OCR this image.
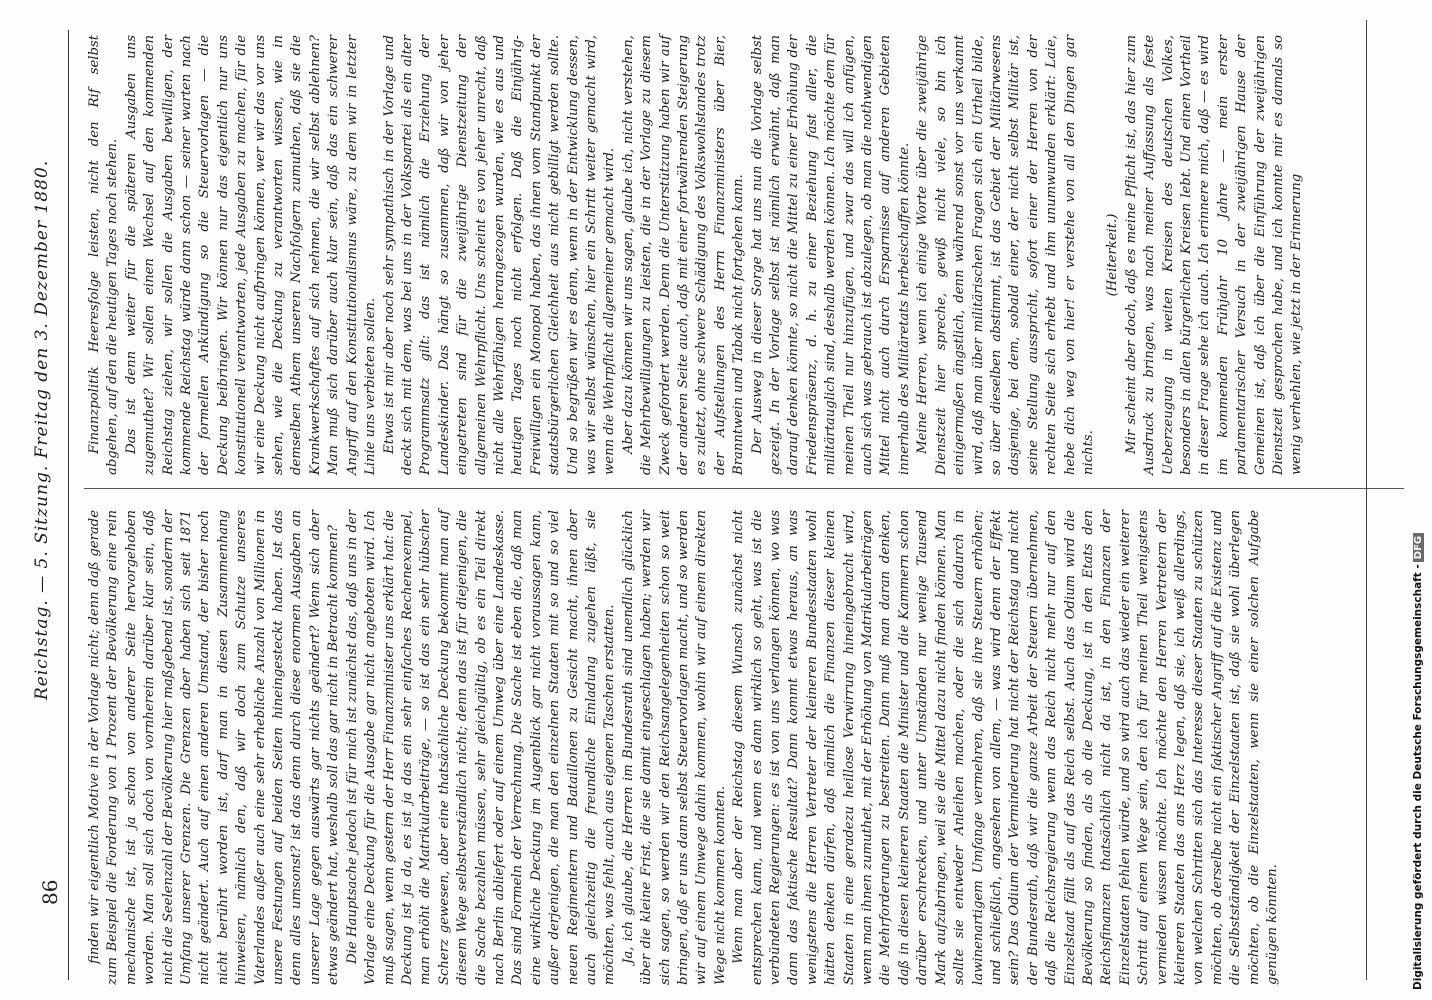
86
Reichstag. — 5. Sitzung. Freitag den 3. Dezember 1880.

finden wir eigentlich Motive in der Vorlage nicht; denn daß gerade zum Beispiel die Forderung von 1 Prozent der Bevölkerung eine rein mechanische ist, ist ja schon von anderer Seite hervorgehoben worden. Man soll sich doch von vornherein darüber klar sein, daß nicht die Seelenzahl der Bevölkerung hier maßgebend ist, sondern der Umfang unserer Grenzen. Die Grenzen aber haben sich seit 1871 nicht geändert. Auch auf einen anderen Umstand, der bisher noch nicht berührt worden ist, darf man in diesen Zusammenhang hinweisen, nämlich den, daß wir doch zum Schutze unseres Vaterlandes außer auch eine sehr erhebliche Anzahl von Millionen in unsere Festungen auf beiden Seiten hineingesteckt haben. Ist das denn alles umsonst? ist das denn durch diese enormen Ausgaben an unserer Lage gegen auswärts gar nichts geändert? Wenn sich aber etwas geändert hat, weshalb soll das gar nicht in Betracht kommen? Die Hauptsache jedoch ist für mich ist zunächst das, daß uns in der Vorlage eine Deckung für die Ausgabe gar nicht angeboten wird. Ich muß sagen, wenn gestern der Herr Finanzminister uns erklärt hat: die Deckung ist ja da, es ist ja das ein sehr einfaches Rechenexempel, man erhöht die Matrikularbeiträge, — so ist das ein sehr hübscher Scherz gewesen, aber eine thatsächliche Deckung bekommt man auf diesem Wege selbstverständlich nicht; denn das ist für diejenigen, die die Sache bezahlen müssen, sehr gleichgültig, ob es ein Teil direkt nach Berlin abliefert oder auf einem Umweg über eine Landeskasse. Das sind Formeln der Verrechnung. Die Sache ist eben die, daß man eine wirkliche Deckung im Augenblick gar nicht voraussagen kann, außer derjenigen, die man den einzelnen Staaten mit so und so viel neuen Regimentern und Bataillonen zu Gesicht macht, ihnen aber auch gleichzeitig die freundliche Einladung zugehen läßt, sie möchten, was fehlt, auch aus eigenen Taschen erstatten. Ja, ich glaube, die Herren im Bundesrath sind unendlich glücklich über die kleine Frist, die sie damit eingeschlagen haben; werden wir sich sagen, so werden wir den Reichsangelegenheiten schon so weit bringen, daß er uns dann selbst Steuervorlagen macht, und so werden wir auf einem Umwege dahin kommen, wohin wir auf einem direkten Wege nicht kommen konnten. Wenn man aber der Reichstag diesem Wunsch zunächst nicht entsprechen kann, und wenn es dann wirklich so geht, was ist die verbündeten Regierungen: es ist von uns verlangen können, wo was dann das faktische Resultat? Dann kommt etwas heraus, an was wenigstens die Herren Vertreter der kleineren Bundesstaaten wohl hätten denken dürfen, daß nämlich die Finanzen dieser kleinen Staaten in eine geradezu heillose Verwirrung hineingebracht wird, wenn man ihnen zumuthet, mit der Erhöhung von Matrikularbeiträgen die Mehrforderungen zu bestreiten. Dann muß man daran denken, daß in diesen kleineren Staaten die Minister und die Kammern schon darüber erschrecken, und unter Umständen nur wenige Tausend Mark aufzubringen, weil sie die Mittel dazu nicht finden können. Man sollte sie entweder Anleihen machen, oder die sich dadurch in lawinenartigem Umfange vermehren, daß sie ihre Steuern erhöhen; und schließlich, angesehen von allem, — was wird denn der Effekt sein? Das Odium der Verminderung hat nicht der Reichstag und nicht der Bundesrath, daß wir die ganze Arbeit der Steuern übernehmen, daß die Reichsregierung wenn das Reich nicht mehr nur auf den Einzelstaat fällt als auf das Reich selbst. Auch das Odium wird die Bevölkerung so finden, als ob die Deckung, ist in den Etats den Reichsfinanzen thatsächlich nicht da ist, in den Finanzen der Einzelstaaten fehlen würde, und so wird auch das wieder ein weiterer Schritt auf einem Wege sein, den ich für meinen Theil wenigstens vermieden wissen möchte. Ich möchte den Herren Vertretern der kleineren Staaten das ans Herz legen, daß sie, ich weiß allerdings, von welchen Schritten sich das Interesse dieser Staaten zu schützen möchten, ob derselbe nicht ein faktischer Angriff auf die Existenz und die Selbstständigkeit der Einzelstaaten ist, daß sie wohl überlegen möchten, ob die Einzelstaaten, wenn sie einer solchen Aufgabe genügen könnten.

Finanzpolitik Heeresfolge leisten, nicht den Rif selbst abgehen, auf den die heutigen Tages noch stehen. Das ist denn weiter für die späteren Ausgaben uns zugemuthet? Wir sollen einen Wechsel auf den kommenden Reichstag ziehen, wir sollen die Ausgaben bewilligen, der kommende Reichstag würde dann schon — seiner warten nach der formellen Ankündigung so die Steuervorlagen — die Deckung beibringen. Wir können nur das eigentlich nur uns konstitutionell verantworten, jede Ausgaben zu machen, für die wir eine Deckung nicht aufbringen können, wer wir das vor uns sehen, wie die Deckung zu verantworten wissen, wie in demselben Athem unseren Nachfolgern zumuthen, daß sie die Krankwerkschaftes auf sich nehmen, die wir selbst ablehnen? Man muß sich darüber auch klar sein, daß das ein schwerer Angriff auf den Konstitutionalismus wäre, zu dem wir in letzter Linie uns verbieten sollen. Etwas ist mir aber noch sehr sympathisch in der Vorlage und deckt sich mit dem, was bei uns in der Volkspartei als ein alter Programmsatz gilt: das ist nämlich die Erziehung der Landeskinder. Das hängt so zusammen, daß wir von jeher eingetreten sind für die zweijährige Dienstzeitung der allgemeinen Wehrpflicht. Uns scheint es von jeher unrecht, daß nicht alle Wehrfähigen herangezogen wurden, wie es aus und heutigen Tages noch nicht erfolgen. Daß die Einjährig-Freiwilligen ein Monopol haben, das ihnen vom Standpunkt der staatsbürgerlichen Gleichheit aus nicht gebilligt werden sollte. Und so begrüßen wir es denn, wenn in der Entwicklung dessen, was wir selbst wünschen, hier ein Schritt weiter gemacht wird, wenn die Wehrpflicht allgemeiner gemacht wird. Aber dazu können wir uns sagen, glaube ich, nicht verstehen, die Mehrbewilligungen zu leisten, die in der Vorlage zu diesem Zweck gefordert werden. Denn die Unterstützung haben wir auf der anderen Seite auch, daß mit einer fortwährenden Steigerung es zuletzt, ohne schwere Schädigung des Volkswohlstandes trotz der Aufstellungen des Herrn Finanzministers über Bier, Branntwein und Tabak nicht fortgehen kann. Der Ausweg in dieser Sorge hat uns nun die Vorlage selbst gezeigt. In der Vorlage selbst ist nämlich erwähnt, daß man darauf denken könnte, so nicht die Mittel zu einer Erhöhung der Friedenspräsenz, d. h. zu einer Beziehung fast aller, die militärtauglich sind, deshalb werden können. Ich möchte dem für meinen Theil nur hinzufügen, und zwar das will ich anfügen, auch sich was gebrauch ist abzulegen, ob man die nothwendigen Mittel nicht auch durch Ersparnisse auf anderen Gebieten innerhalb des Militäretats herbeischaffen könnte. Meine Herren, wenn ich einige Worte über die zweijährige Dienstzeit hier spreche, gewiß nicht viele, so bin ich einigermaßen ängstlich, denn während sonst vor uns verkannt wird, daß man über militärischen Fragen sich ein Urtheil bilde, so über dieselben abstimmt, ist das Gebiet der Militärwesens dasjenige, bei dem, sobald einer, der nicht selbst Militär ist, seine Stellung ausspricht, sofort einer der Herren von der rechten Seite sich erhebt und ihm unumwunden erklärt: Laie, hebe dich weg von hier! er verstehe von all den Dingen gar nichts.

(Heiterkeit.) Mir scheint aber doch, daß es meine Pflicht ist, das hier zum Ausdruck zu bringen, was nach meiner Auffassung als feste Ueberzeugung in weiten Kreisen des deutschen Volkes, besonders in allen bürgerlichen Kreisen lebt. Und einen Vortheil in dieser Frage sehe ich auch. Ich erinnere mich, daß — es wird im kommenden Frühjahr 10 Jahre — mein erster parlamentarischer Versuch in der zweijährigen Hause der Gemeinen ist, daß ich über die Einführung der zweijährigen Dienstzeit gesprochen habe, und ich konnte mir es damals so wenig verhehlen, wie jetzt in der Erinnerung

Digitalisierung gefördert durch die Deutsche Forschungsgemeinschaft -DFG
